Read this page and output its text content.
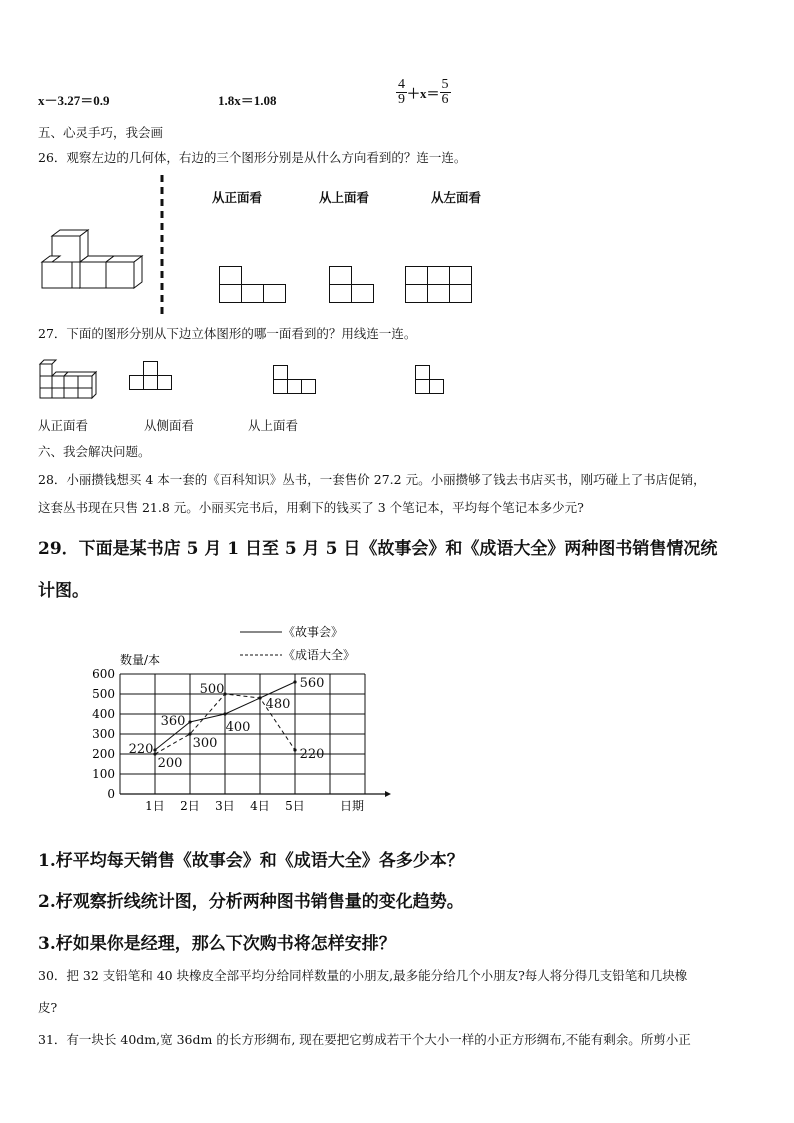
x－3.27＝0.9	1.8x＝1.08	$\frac{4}{9} +x= \frac{5}{6}$
五、心灵手巧，我会画
26．观察左边的几何体，右边的三个图形分别是从什么方向看到的？连一连。
从正面看	从上面看	从左面看
27．下面的图形分别从下边立体图形的哪一面看到的？用线连一连。
从正面看	从侧面看	从上面看
六、我会解决问题。
28．小丽攒钱想买 4 本一套的《百科知识》丛书，一套售价 27.2 元。小丽攒够了钱去书店买书，刚巧碰上了书店促销，
这套丛书现在只售 21.8 元。小丽买完书后，用剩下的钱买了 3 个笔记本，平均每个笔记本多少元?
29．下面是某书店 5 月 1 日至 5 月 5 日《故事会》和《成语大全》两种图书销售情况统
计图。
0
100
200
300
400
500
600
1日 2日 3日 4日 5日	日期
数量/本
《故事会》
《成语大全》
220
360	400
560
200
300
500
480
220
1.杍平均每天销售《故事会》和《成语大全》各多少本？
2.杍观察折线统计图，分析两种图书销售量的变化趋势。
3.杍如果你是经理，那么下次购书将怎样安排？
30．把 32 支铅笔和 40 块橡皮全部平均分给同样数量的小朋友,最多能分给几个小朋友?每人将分得几支铅笔和几块橡
皮?
31．有一块长 40dm,宽 36dm 的长方形绸布, 现在要把它剪成若干个大小一样的小正方形绸布,不能有剩余。所剪小正
